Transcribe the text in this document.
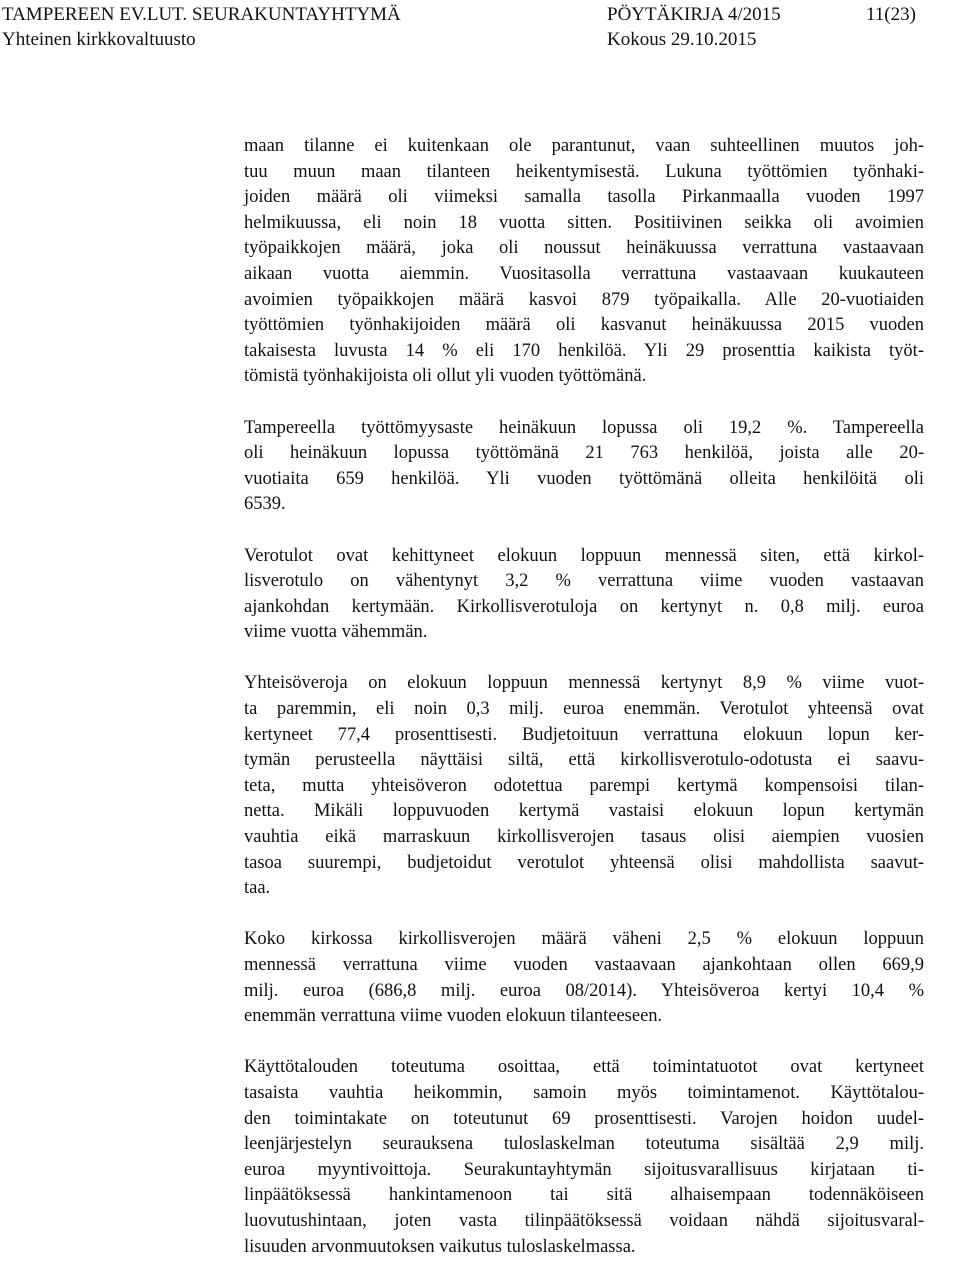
TAMPEREEN EV.LUT. SEURAKUNTAYHTYMÄ	PÖYTÄKIRJA 4/2015	11(23)
Yhteinen kirkkovaltuusto	Kokous 29.10.2015

maan tilanne ei kuitenkaan ole parantunut, vaan suhteellinen muutos joh-
tuu muun maan tilanteen heikentymisestä. Lukuna työttömien työnhaki-
joiden määrä oli viimeksi samalla tasolla Pirkanmaalla vuoden 1997
helmikuussa, eli noin 18 vuotta sitten. Positiivinen seikka oli avoimien
työpaikkojen määrä, joka oli noussut heinäkuussa verrattuna vastaavaan
aikaan vuotta aiemmin. Vuositasolla verrattuna vastaavaan kuukauteen
avoimien työpaikkojen määrä kasvoi 879 työpaikalla. Alle 20-vuotiaiden
työttömien työnhakijoiden määrä oli kasvanut heinäkuussa 2015 vuoden
takaisesta luvusta 14 % eli 170 henkilöä. Yli 29 prosenttia kaikista työt-
tömistä työnhakijoista oli ollut yli vuoden työttömänä.

Tampereella työttömyysaste heinäkuun lopussa oli 19,2 %. Tampereella
oli heinäkuun lopussa työttömänä 21 763 henkilöä, joista alle 20-
vuotiaita 659 henkilöä. Yli vuoden työttömänä olleita henkilöitä oli
6539.

Verotulot ovat kehittyneet elokuun loppuun mennessä siten, että kirkol-
lisverotulo on vähentynyt 3,2 % verrattuna viime vuoden vastaavan
ajankohdan kertymään. Kirkollisverotuloja on kertynyt n. 0,8 milj. euroa
viime vuotta vähemmän.

Yhteisöveroja on elokuun loppuun mennessä kertynyt 8,9 % viime vuot-
ta paremmin, eli noin 0,3 milj. euroa enemmän. Verotulot yhteensä ovat
kertyneet 77,4 prosenttisesti. Budjetoituun verrattuna elokuun lopun ker-
tymän perusteella näyttäisi siltä, että kirkollisverotulo-odotusta ei saavu-
teta, mutta yhteisöveron odotettua parempi kertymä kompensoisi tilan-
netta. Mikäli loppuvuoden kertymä vastaisi elokuun lopun kertymän
vauhtia eikä marraskuun kirkollisverojen tasaus olisi aiempien vuosien
tasoa suurempi, budjetoidut verotulot yhteensä olisi mahdollista saavut-
taa.

Koko kirkossa kirkollisverojen määrä väheni 2,5 % elokuun loppuun
mennessä verrattuna viime vuoden vastaavaan ajankohtaan ollen 669,9
milj. euroa (686,8 milj. euroa 08/2014). Yhteisöveroa kertyi 10,4 %
enemmän verrattuna viime vuoden elokuun tilanteeseen.

Käyttötalouden toteutuma osoittaa, että toimintatuotot ovat kertyneet
tasaista vauhtia heikommin, samoin myös toimintamenot. Käyttötalou-
den toimintakate on toteutunut 69 prosenttisesti. Varojen hoidon uudel-
leenjärjestelyn seurauksena tuloslaskelman toteutuma sisältää 2,9 milj.
euroa myyntivoittoja. Seurakuntayhtymän sijoitusvarallisuus kirjataan ti-
linpäätöksessä hankintamenoon tai sitä alhaisempaan todennäköiseen
luovutushintaan, joten vasta tilinpäätöksessä voidaan nähdä sijoitusvaral-
lisuuden arvonmuutoksen vaikutus tuloslaskelmassa.
